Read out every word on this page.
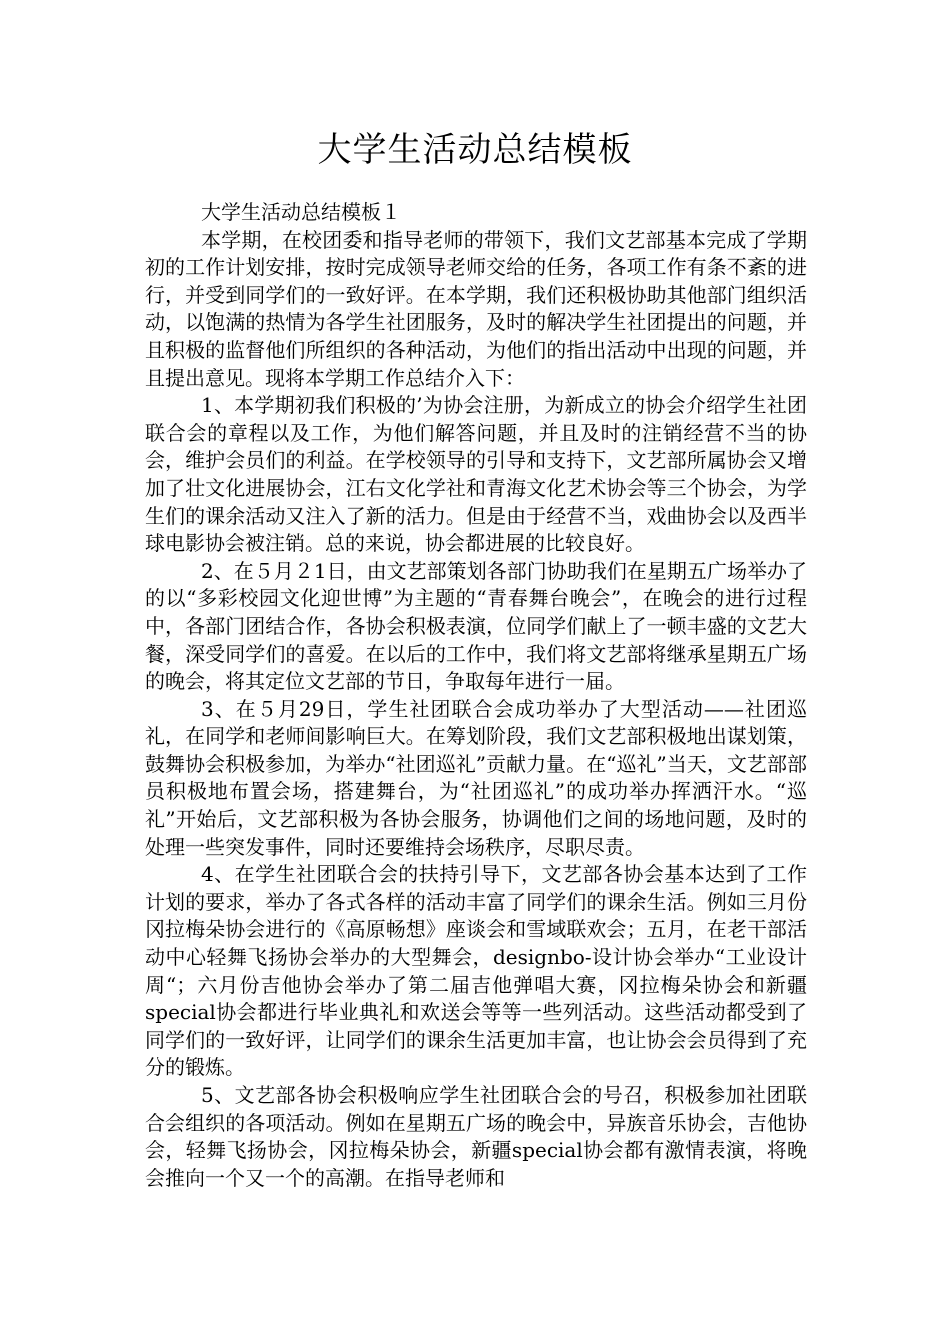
大学生活动总结模板

大学生活动总结模板１

本学期，在校团委和指导老师的带领下，我们文艺部基本完成了学期初的工作计划安排，按时完成领导老师交给的任务，各项工作有条不紊的进行，并受到同学们的一致好评。在本学期，我们还积极协助其他部门组织活动，以饱满的热情为各学生社团服务，及时的解决学生社团提出的问题，并且积极的监督他们所组织的各种活动，为他们的指出活动中出现的问题，并且提出意见。现将本学期工作总结介入下：

1、本学期初我们积极的’为协会注册，为新成立的协会介绍学生社团联合会的章程以及工作，为他们解答问题，并且及时的注销经营不当的协会，维护会员们的利益。在学校领导的引导和支持下，文艺部所属协会又增加了壮文化进展协会，江右文化学社和青海文化艺术协会等三个协会，为学生们的课余活动又注入了新的活力。但是由于经营不当，戏曲协会以及西半球电影协会被注销。总的来说，协会都进展的比较良好。

2、在５月２1日，由文艺部策划各部门协助我们在星期五广场举办了的以“多彩校园文化迎世博”为主题的“青春舞台晚会”，在晚会的进行过程中，各部门团结合作，各协会积极表演，位同学们献上了一顿丰盛的文艺大餐，深受同学们的喜爱。在以后的工作中，我们将文艺部将继承星期五广场的晚会，将其定位文艺部的节日，争取每年进行一届。

3、在５月29日，学生社团联合会成功举办了大型活动——社团巡礼，在同学和老师间影响巨大。在筹划阶段，我们文艺部积极地出谋划策，鼓舞协会积极参加，为举办“社团巡礼”贡献力量。在“巡礼”当天，文艺部部员积极地布置会场，搭建舞台，为“社团巡礼”的成功举办挥洒汗水。“巡礼”开始后，文艺部积极为各协会服务，协调他们之间的场地问题，及时的处理一些突发事件，同时还要维持会场秩序，尽职尽责。

4、在学生社团联合会的扶持引导下，文艺部各协会基本达到了工作计划的要求，举办了各式各样的活动丰富了同学们的课余生活。例如三月份冈拉梅朵协会进行的《高原畅想》座谈会和雪域联欢会；五月，在老干部活动中心轻舞飞扬协会举办的大型舞会，designbo-设计协会举办“工业设计周“；六月份吉他协会举办了第二届吉他弹唱大赛，冈拉梅朵协会和新疆special协会都进行毕业典礼和欢送会等等一些列活动。这些活动都受到了同学们的一致好评，让同学们的课余生活更加丰富，也让协会会员得到了充分的锻炼。

5、文艺部各协会积极响应学生社团联合会的号召，积极参加社团联合会组织的各项活动。例如在星期五广场的晚会中，异族音乐协会，吉他协会，轻舞飞扬协会，冈拉梅朵协会，新疆special协会都有激情表演，将晚会推向一个又一个的高潮。在指导老师和
